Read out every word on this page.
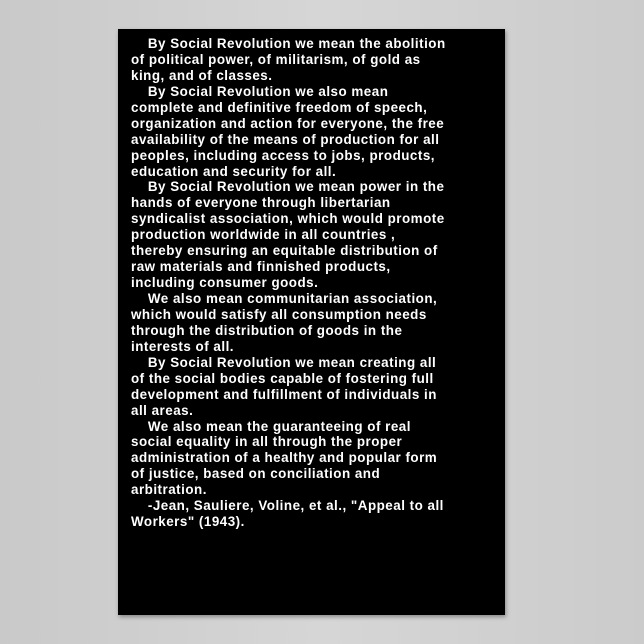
By Social Revolution we mean the abolition
of political power, of militarism, of gold as
king, and of classes.
By Social Revolution we also mean
complete and definitive freedom of speech,
organization and action for everyone, the free
availability of the means of production for all
peoples, including access to jobs, products,
education and security for all.
By Social Revolution we mean power in the
hands of everyone through libertarian
syndicalist association, which would promote
production worldwide in all countries ,
thereby ensuring an equitable distribution of
raw materials and finnished products,
including consumer goods.
We also mean communitarian association,
which would satisfy all consumption needs
through the distribution of goods in the
interests of all.
By Social Revolution we mean creating all
of the social bodies capable of fostering full
development and fulfillment of individuals in
all areas.
We also mean the guaranteeing of real
social equality in all through the proper
administration of a healthy and popular form
of justice, based on conciliation and
arbitration.
-Jean, Sauliere, Voline, et al., "Appeal to all
Workers" (1943).
